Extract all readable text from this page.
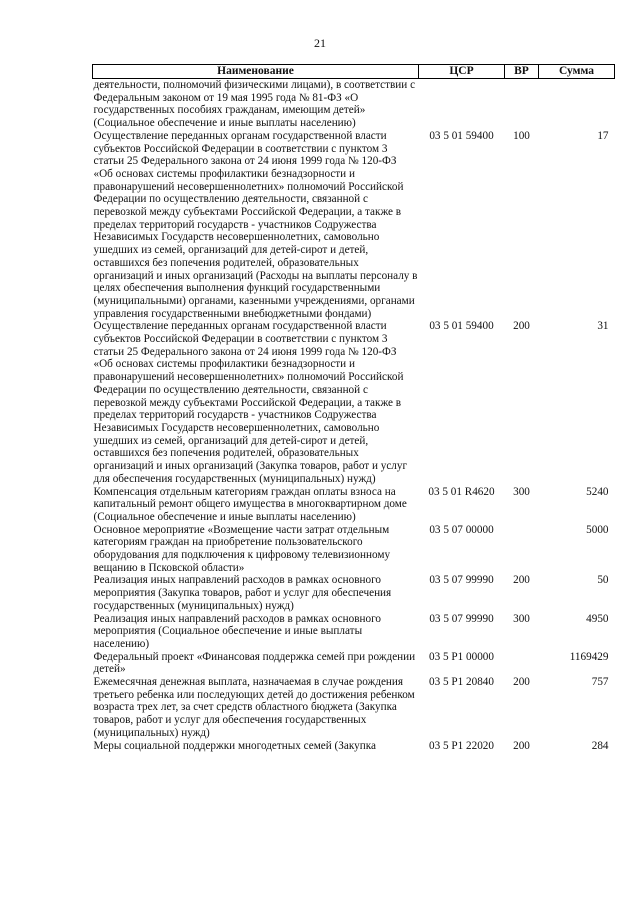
21
Наименование	ЦСР	ВР	Сумма
деятельности, полномочий физическими лицами), в соответствии с Федеральным законом от 19 мая 1995 года № 81-ФЗ «О государственных пособиях гражданам, имеющим детей» (Социальное обеспечение и иные выплаты населению)			
Осуществление переданных органам государственной власти субъектов Российской Федерации в соответствии с пунктом 3 статьи 25 Федерального закона от 24 июня 1999 года № 120-ФЗ «Об основах системы профилактики безнадзорности и правонарушений несовершеннолетних» полномочий Российской Федерации по осуществлению деятельности, связанной с перевозкой между субъектами Российской Федерации, а также в пределах территорий государств - участников Содружества Независимых Государств несовершеннолетних, самовольно ушедших из семей, организаций для детей-сирот и детей, оставшихся без попечения родителей, образовательных организаций и иных организаций (Расходы на выплаты персоналу в целях обеспечения выполнения функций государственными (муниципальными) органами, казенными учреждениями, органами управления государственными внебюджетными фондами)	03 5 01 59400	100	17
Осуществление переданных органам государственной власти субъектов Российской Федерации в соответствии с пунктом 3 статьи 25 Федерального закона от 24 июня 1999 года № 120-ФЗ «Об основах системы профилактики безнадзорности и правонарушений несовершеннолетних» полномочий Российской Федерации по осуществлению деятельности, связанной с перевозкой между субъектами Российской Федерации, а также в пределах территорий государств - участников Содружества Независимых Государств несовершеннолетних, самовольно ушедших из семей, организаций для детей-сирот и детей, оставшихся без попечения родителей, образовательных организаций и иных организаций (Закупка товаров, работ и услуг для обеспечения государственных (муниципальных) нужд)	03 5 01 59400	200	31
Компенсация отдельным категориям граждан оплаты взноса на капитальный ремонт общего имущества в многоквартирном доме (Социальное обеспечение и иные выплаты населению)	03 5 01 R4620	300	5240
Основное мероприятие «Возмещение части затрат отдельным категориям граждан на приобретение пользовательского оборудования для подключения к цифровому телевизионному вещанию в Псковской области»	03 5 07 00000		5000
Реализация иных направлений расходов в рамках основного мероприятия (Закупка товаров, работ и услуг для обеспечения государственных (муниципальных) нужд)	03 5 07 99990	200	50
Реализация иных направлений расходов в рамках основного мероприятия (Социальное обеспечение и иные выплаты населению)	03 5 07 99990	300	4950
Федеральный проект «Финансовая поддержка семей при рождении детей»	03 5 P1 00000		1169429
Ежемесячная денежная выплата, назначаемая в случае рождения третьего ребенка или последующих детей до достижения ребенком возраста трех лет, за счет средств областного бюджета (Закупка товаров, работ и услуг для обеспечения государственных (муниципальных) нужд)	03 5 P1 20840	200	757
Меры социальной поддержки многодетных семей (Закупка	03 5 P1 22020	200	284
